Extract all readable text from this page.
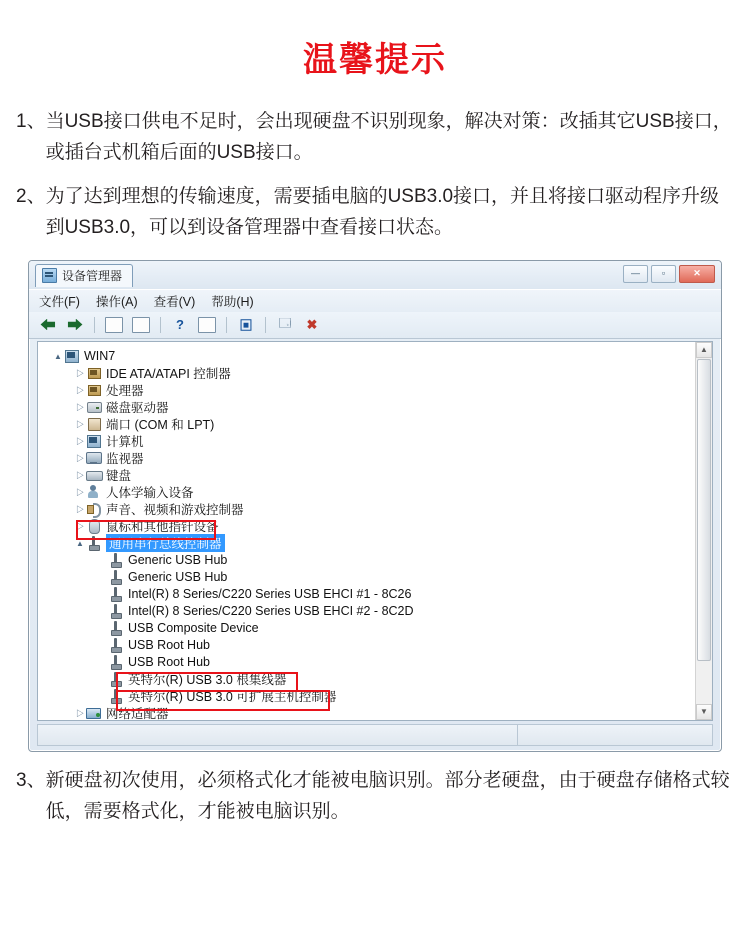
温馨提示
1、 当USB接口供电不足时，会出现硬盘不识别现象，解决对策：改插其它USB接口，或插台式机箱后面的USB接口。
2、 为了达到理想的传输速度，需要插电脑的USB3.0接口，并且将接口驱动程序升级到USB3.0，可以到设备管理器中查看接口状态。
设备管理器	—	▫	✕
文件(F) 操作(A) 查看(V) 帮助(H)
⬅ ➡	?	▣	🗔	✖
▲ WIN7
▷ IDE ATA/ATAPI 控制器
▷ 处理器
▷ 磁盘驱动器
▷ 端口 (COM 和 LPT)
▷ 计算机
▷ 监视器
▷ 键盘
▷ 人体学输入设备
▷ 声音、视频和游戏控制器
▷ 鼠标和其他指针设备
▲ 通用串行总线控制器
Generic USB Hub
Generic USB Hub
Intel(R) 8 Series/C220 Series USB EHCI #1 - 8C26
Intel(R) 8 Series/C220 Series USB EHCI #2 - 8C2D
USB Composite Device
USB Root Hub
USB Root Hub
英特尔(R) USB 3.0 根集线器
英特尔(R) USB 3.0 可扩展主机控制器
▷ 网络适配器
▲
▼
3、 新硬盘初次使用，必须格式化才能被电脑识别。部分老硬盘，由于硬盘存储格式较低，需要格式化，才能被电脑识别。
